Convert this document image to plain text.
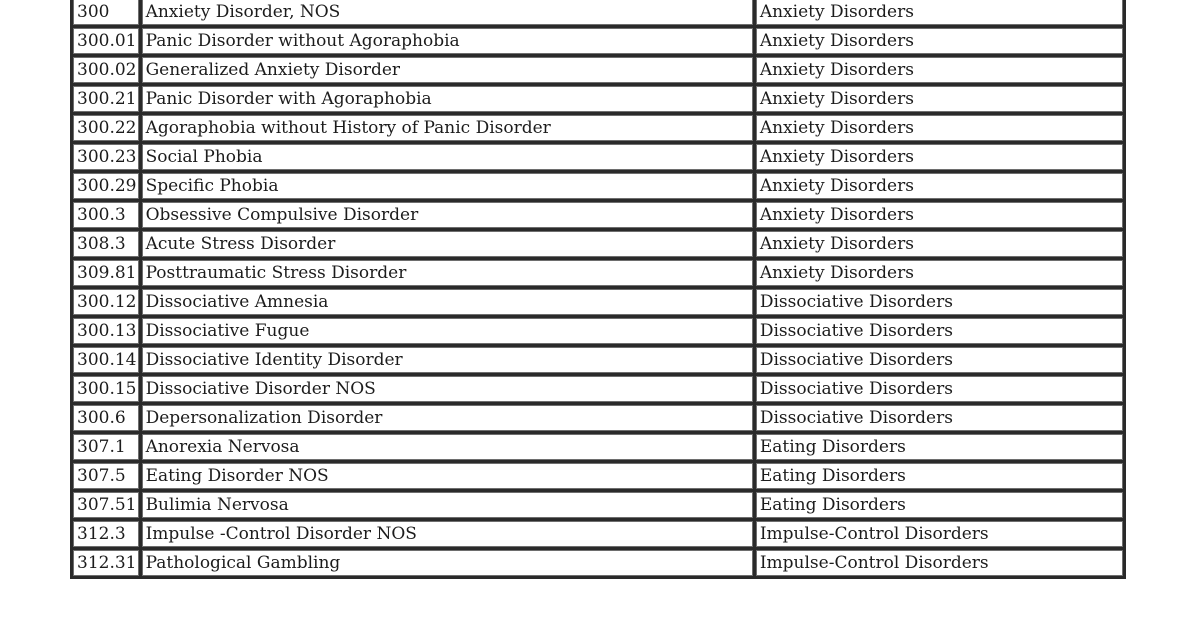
300	Anxiety Disorder, NOS	Anxiety Disorders
300.01	Panic Disorder without Agoraphobia	Anxiety Disorders
300.02	Generalized Anxiety Disorder	Anxiety Disorders
300.21	Panic Disorder with Agoraphobia	Anxiety Disorders
300.22	Agoraphobia without History of Panic Disorder	Anxiety Disorders
300.23	Social Phobia	Anxiety Disorders
300.29	Specific Phobia	Anxiety Disorders
300.3	Obsessive Compulsive Disorder	Anxiety Disorders
308.3	Acute Stress Disorder	Anxiety Disorders
309.81	Posttraumatic Stress Disorder	Anxiety Disorders
300.12	Dissociative Amnesia	Dissociative Disorders
300.13	Dissociative Fugue	Dissociative Disorders
300.14	Dissociative Identity Disorder	Dissociative Disorders
300.15	Dissociative Disorder NOS	Dissociative Disorders
300.6	Depersonalization Disorder	Dissociative Disorders
307.1	Anorexia Nervosa	Eating Disorders
307.5	Eating Disorder NOS	Eating Disorders
307.51	Bulimia Nervosa	Eating Disorders
312.3	Impulse -Control Disorder NOS	Impulse-Control Disorders
312.31	Pathological Gambling	Impulse-Control Disorders
